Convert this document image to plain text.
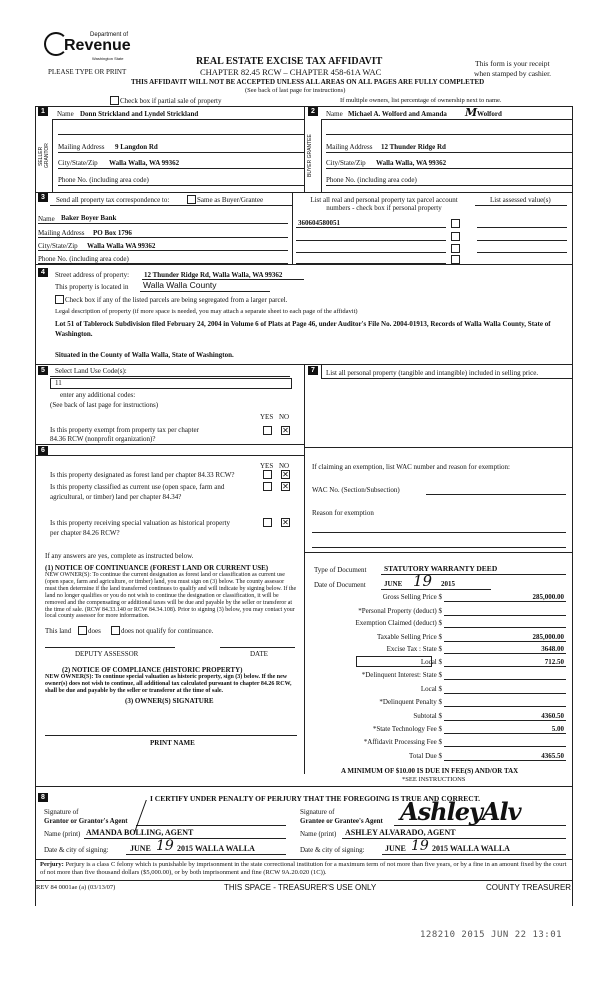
Department of
Revenue
Washington State
PLEASE TYPE OR PRINT
REAL ESTATE EXCISE TAX AFFIDAVIT
CHAPTER 82.45 RCW – CHAPTER 458-61A WAC
THIS AFFIDAVIT WILL NOT BE ACCEPTED UNLESS ALL AREAS ON ALL PAGES ARE FULLY COMPLETED
(See back of last page for instructions)
This form is your receipt
when stamped by cashier.
Check box if partial sale of property	If multiple owners, list percentage of ownership next to name.
1
SELLER GRANTOR
Name Donn Strickland and Lyndel Strickland
Mailing Address 9 Langdon Rd
City/State/Zip Walla Walla, WA 99362
Phone No. (including area code)
2
BUYER GRANTEE
Name Michael A. Wolford and Amanda M Wolford
Mailing Address 12 Thunder Ridge Rd
City/State/Zip Walla Walla, WA 99362
Phone No. (including area code)
3	Send all property tax correspondence to:	Same as Buyer/Grantee
Name Baker Boyer Bank
Mailing Address PO Box 1796
City/State/Zip Walla Walla WA 99362
Phone No. (including area code)
List all real and personal property tax parcel account numbers - check box if personal property
List assessed value(s)
360604580051
4	Street address of property: 12 Thunder Ridge Rd, Walla Walla, WA 99362
This property is located in Walla Walla County
Check box if any of the listed parcels are being segregated from a larger parcel.
Legal description of property (if more space is needed, you may attach a separate sheet to each page of the affidavit)
Lot 51 of Tablerock Subdivision filed February 24, 2004 in Volume 6 of Plats at Page 46, under Auditor's File No. 2004-01913, Records of Walla Walla County, State of Washington.
Situated in the County of Walla Walla, State of Washington.
5	Select Land Use Code(s):
11
enter any additional codes:
(See back of last page for instructions)
YES NO
Is this property exempt from property tax per chapter
84.36 RCW (nonprofit organization)?
✕
7	List all personal property (tangible and intangible) included in selling price.
6
YES NO
Is this property designated as forest land per chapter 84.33 RCW?	✕
Is this property classified as current use (open space, farm and
agricultural, or timber) land per chapter 84.34?
✕
Is this property receiving special valuation as historical property
per chapter 84.26 RCW?
✕
If claiming an exemption, list WAC number and reason for exemption:
WAC No. (Section/Subsection)
Reason for exemption
If any answers are yes, complete as instructed below.
(1) NOTICE OF CONTINUANCE (FOREST LAND OR CURRENT USE)
NEW OWNER(S): To continue the current designation as forest land or classification as current use (open space, farm and agriculture, or timber) land, you must sign on (3) below. The county assessor must then determine if the land transferred continues to qualify and will indicate by signing below. If the land no longer qualifies or you do not wish to continue the designation or classification, it will be removed and the compensating or additional taxes will be due and payable by the seller or transferor at the time of sale. (RCW 84.33.140 or RCW 84.34.108). Prior to signing (3) below, you may contact your local county assessor for more information.
This land does	does not qualify for continuance.
DEPUTY ASSESSOR	DATE
(2) NOTICE OF COMPLIANCE (HISTORIC PROPERTY)
NEW OWNER(S): To continue special valuation as historic property, sign (3) below. If the new owner(s) does not wish to continue, all additional tax calculated pursuant to chapter 84.26 RCW, shall be due and payable by the seller or transferor at the time of sale.
(3) OWNER(S) SIGNATURE
PRINT NAME
Type of Document STATUTORY WARRANTY DEED
Date of Document	JUNE 19 2015
Gross Selling Price $	285,000.00
*Personal Property (deduct) $
Exemption Claimed (deduct) $
Taxable Selling Price $	285,000.00
Excise Tax : State $	3648.00
Local $	712.50
*Delinquent Interest: State $
Local $
*Delinquent Penalty $
Subtotal $	4360.50
*State Technology Fee $	5.00
*Affidavit Processing Fee $
Total Due $	4365.50
A MINIMUM OF $10.00 IS DUE IN FEE(S) AND/OR TAX
*SEE INSTRUCTIONS
8	I CERTIFY UNDER PENALTY OF PERJURY THAT THE FOREGOING IS TRUE AND CORRECT.
Signature of
Grantor or Grantor's Agent
Name (print) AMANDA BOLLING, AGENT
Date & city of signing:	JUNE 19 2015 WALLA WALLA
Signature of
Grantee or Grantee's Agent AshleyAlv
Name (print) ASHLEY ALVARADO, AGENT
Date & city of signing:	JUNE 19 2015 WALLA WALLA
Perjury: Perjury is a class C felony which is punishable by imprisonment in the state correctional institution for a maximum term of not more than five years, or by a fine in an amount fixed by the court of not more than five thousand dollars ($5,000.00), or by both imprisonment and fine (RCW 9A.20.020 (1C)).
REV 84 0001ae (a) (03/13/07)	THIS SPACE - TREASURER'S USE ONLY	COUNTY TREASURER
128210 2015 JUN 22 13:01
